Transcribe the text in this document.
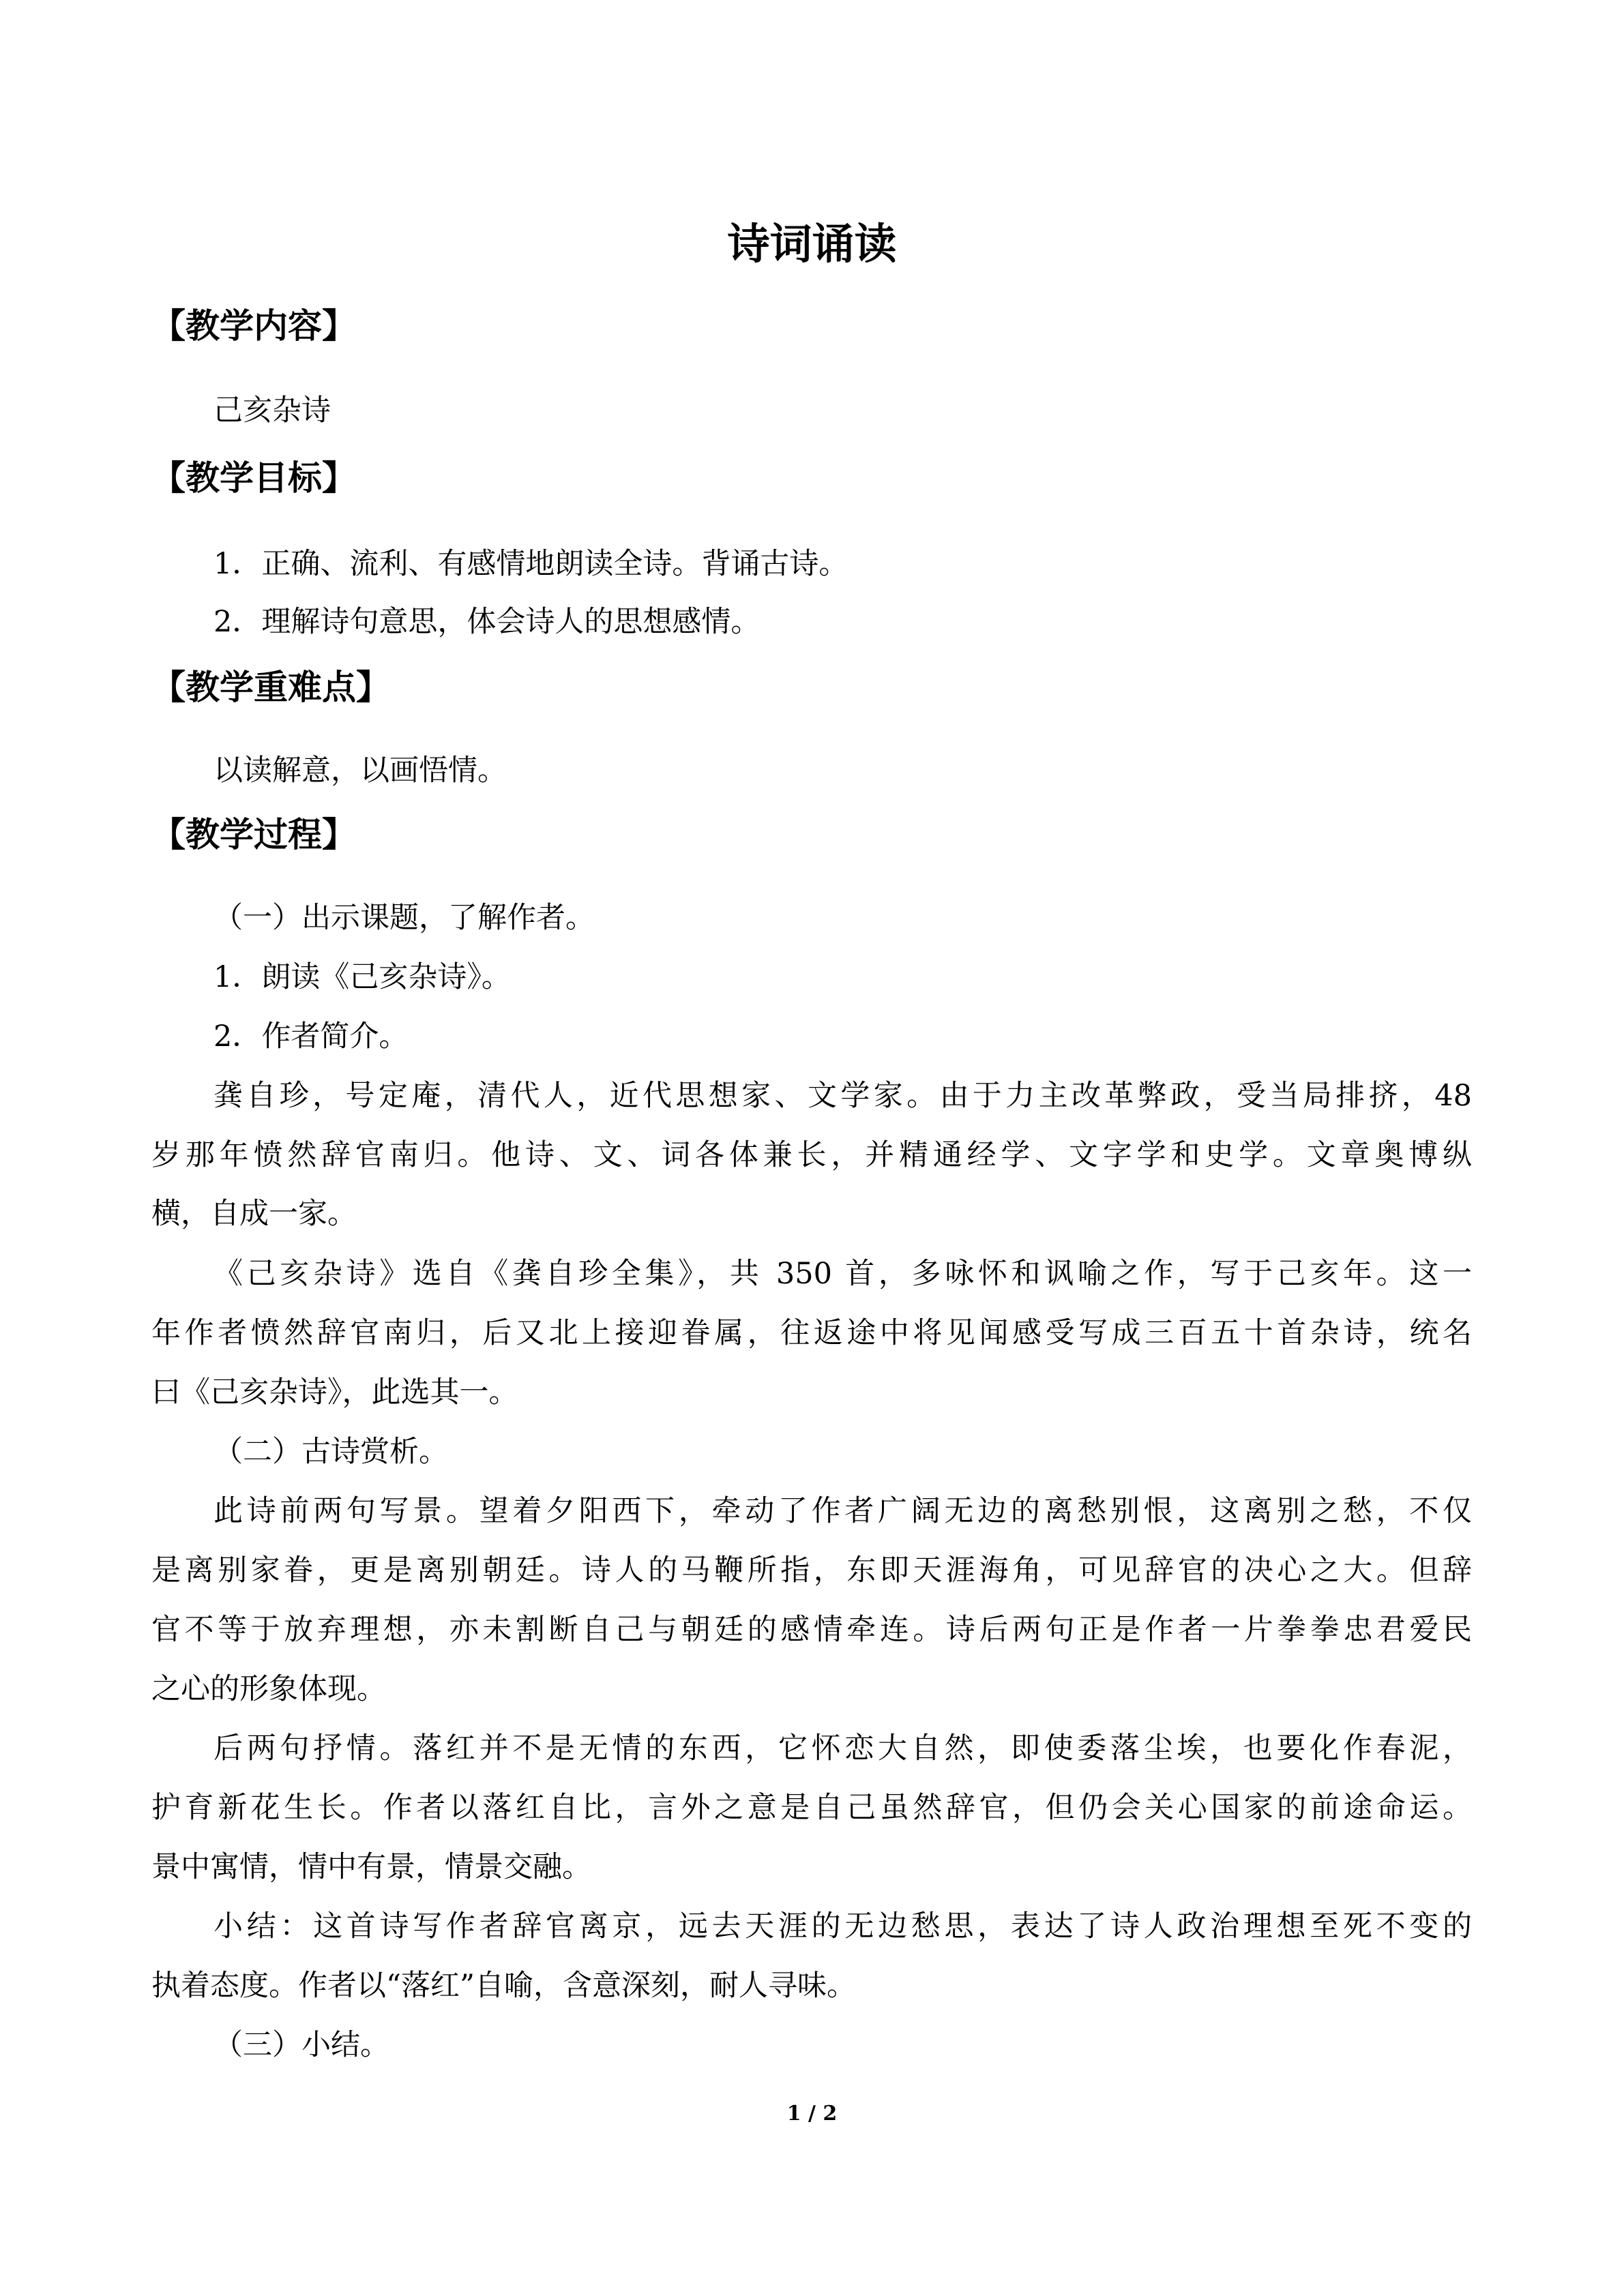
诗词诵读
【教学内容】

己亥杂诗

【教学目标】

1．正确、流利、有感情地朗读全诗。背诵古诗。

2．理解诗句意思，体会诗人的思想感情。

【教学重难点】

以读解意，以画悟情。

【教学过程】

（一）出示课题，了解作者。

1．朗读《己亥杂诗》。

2．作者简介。

龚自珍，号定庵，清代人，近代思想家、文学家。由于力主改革弊政，受当局排挤，48

岁那年愤然辞官南归。他诗、文、词各体兼长，并精通经学、文字学和史学。文章奥博纵

横，自成一家。

《己亥杂诗》选自《龚自珍全集》，共 350 首，多咏怀和讽喻之作，写于己亥年。这一

年作者愤然辞官南归，后又北上接迎眷属，往返途中将见闻感受写成三百五十首杂诗，统名

曰《己亥杂诗》，此选其一。

（二）古诗赏析。

此诗前两句写景。望着夕阳西下，牵动了作者广阔无边的离愁别恨，这离别之愁，不仅

是离别家眷，更是离别朝廷。诗人的马鞭所指，东即天涯海角，可见辞官的决心之大。但辞

官不等于放弃理想，亦未割断自己与朝廷的感情牵连。诗后两句正是作者一片拳拳忠君爱民

之心的形象体现。

后两句抒情。落红并不是无情的东西，它怀恋大自然，即使委落尘埃，也要化作春泥，

护育新花生长。作者以落红自比，言外之意是自己虽然辞官，但仍会关心国家的前途命运。

景中寓情，情中有景，情景交融。

小结：这首诗写作者辞官离京，远去天涯的无边愁思，表达了诗人政治理想至死不变的

执着态度。作者以“落红”自喻，含意深刻，耐人寻味。

（三）小结。

1 / 2
